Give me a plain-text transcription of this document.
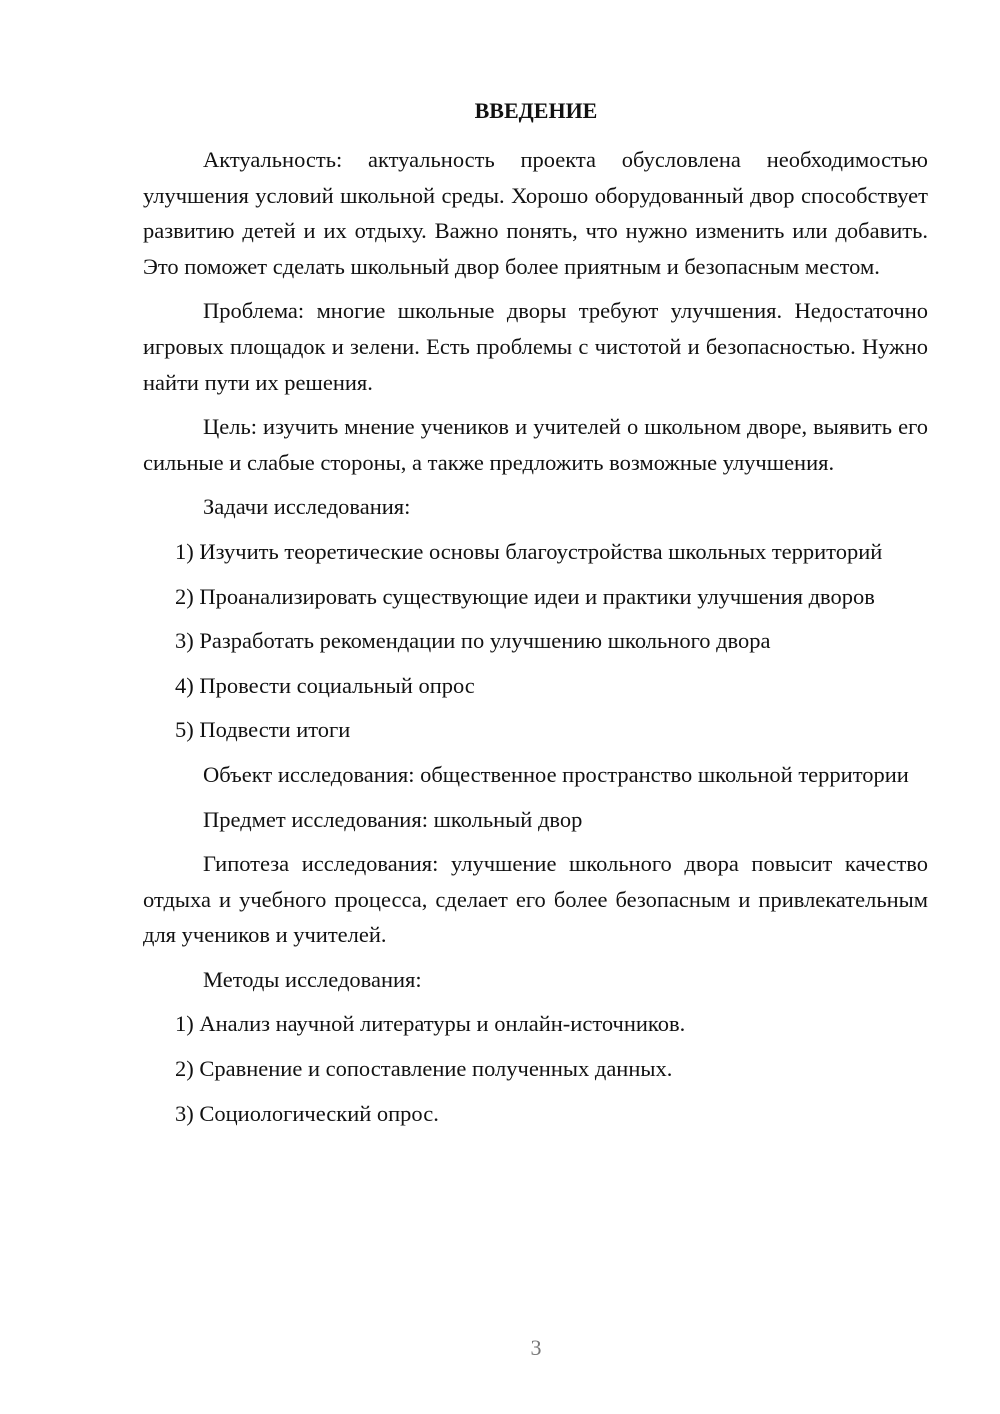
ВВЕДЕНИЕ

Актуальность: актуальность проекта обусловлена необходимостью улучшения условий школьной среды. Хорошо оборудованный двор способствует развитию детей и их отдыху. Важно понять, что нужно изменить или добавить. Это поможет сделать школьный двор более приятным и безопасным местом.

Проблема: многие школьные дворы требуют улучшения. Недостаточно игровых площадок и зелени. Есть проблемы с чистотой и безопасностью. Нужно найти пути их решения.

Цель: изучить мнение учеников и учителей о школьном дворе, выявить его сильные и слабые стороны, а также предложить возможные улучшения.

Задачи исследования:

1) Изучить теоретические основы благоустройства школьных территорий

2) Проанализировать существующие идеи и практики улучшения дворов

3) Разработать рекомендации по улучшению школьного двора

4) Провести социальный опрос

5) Подвести итоги

Объект исследования: общественное пространство школьной территории

Предмет исследования: школьный двор

Гипотеза исследования: улучшение школьного двора повысит качество отдыха и учебного процесса, сделает его более безопасным и привлекательным для учеников и учителей.

Методы исследования:

1) Анализ научной литературы и онлайн-источников.

2) Сравнение и сопоставление полученных данных.

3) Социологический опрос.

3
